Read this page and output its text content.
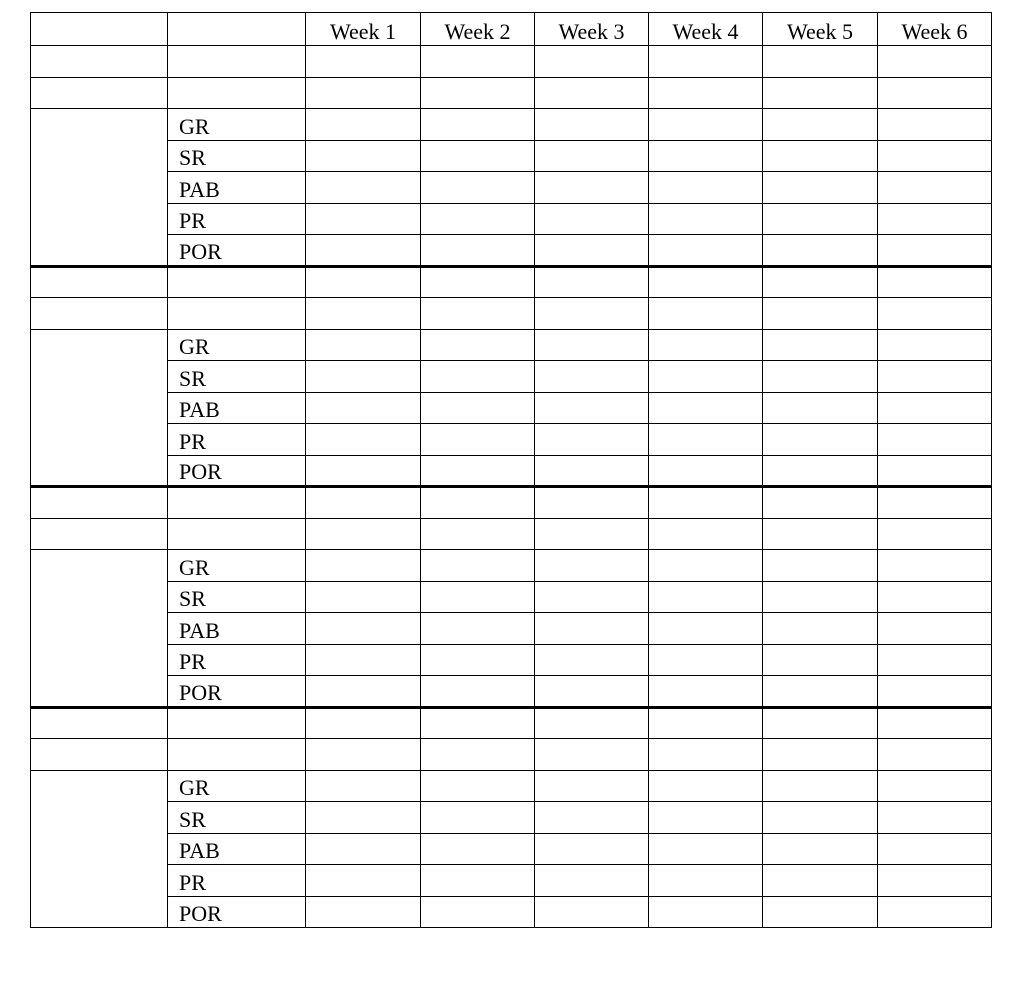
		Week 1	Week 2	Week 3	Week 4	Week 5	Week 6

	GR						
	SR						
	PAB						
	PR						
	POR						

	GR						
	SR						
	PAB						
	PR						
	POR						

	GR						
	SR						
	PAB						
	PR						
	POR						

	GR						
	SR						
	PAB						
	PR						
	POR						
